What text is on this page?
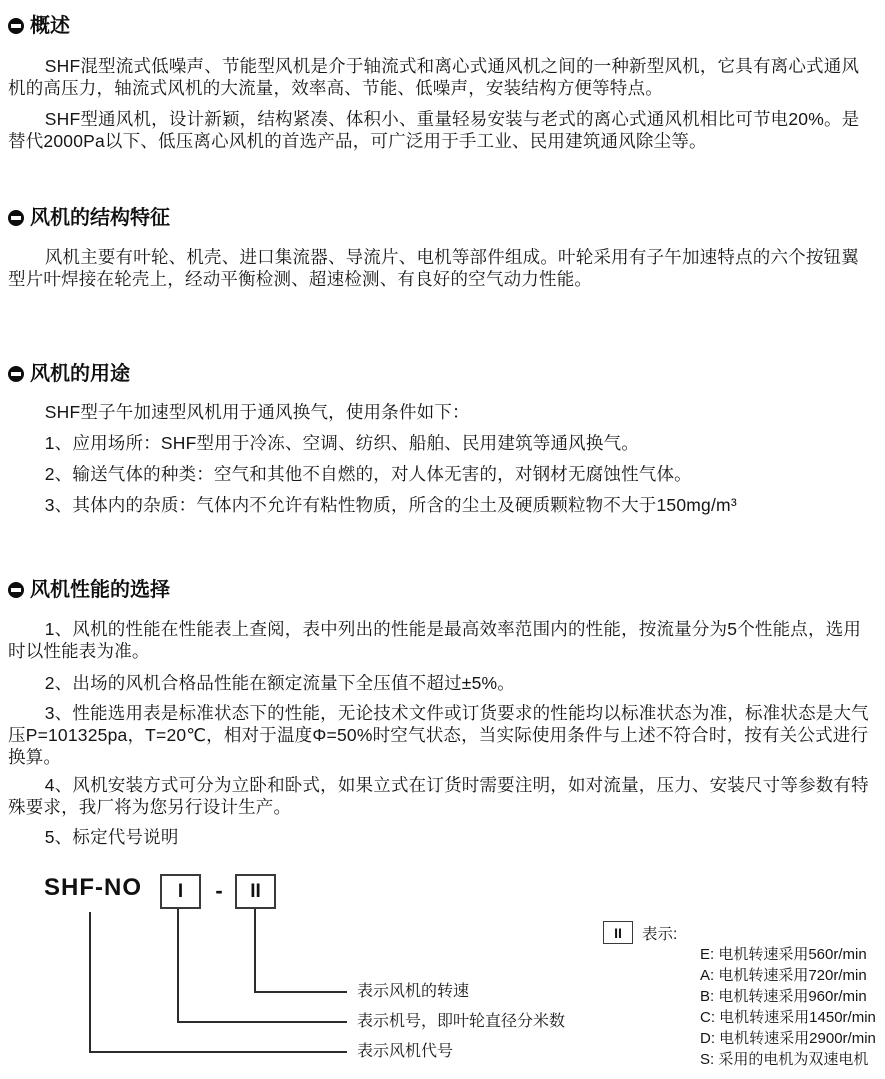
概述

SHF混型流式低噪声、节能型风机是介于轴流式和离心式通风机之间的一种新型风机，它具有离心式通风机的高压力，轴流式风机的大流量，效率高、节能、低噪声，安装结构方便等特点。

SHF型通风机，设计新颖，结构紧凑、体积小、重量轻易安装与老式的离心式通风机相比可节电20%。是替代2000Pa以下、低压离心风机的首选产品，可广泛用于手工业、民用建筑通风除尘等。

风机的结构特征

风机主要有叶轮、机壳、进口集流器、导流片、电机等部件组成。叶轮采用有子午加速特点的六个按钮翼型片叶焊接在轮壳上，经动平衡检测、超速检测、有良好的空气动力性能。

风机的用途

SHF型子午加速型风机用于通风换气，使用条件如下：

1、应用场所：SHF型用于冷冻、空调、纺织、船舶、民用建筑等通风换气。

2、输送气体的种类：空气和其他不自燃的，对人体无害的，对钢材无腐蚀性气体。

3、其体内的杂质：气体内不允许有粘性物质，所含的尘土及硬质颗粒物不大于150mg/m³

风机性能的选择

1、风机的性能在性能表上查阅，表中列出的性能是最高效率范围内的性能，按流量分为5个性能点，选用时以性能表为准。

2、出场的风机合格品性能在额定流量下全压值不超过±5%。

3、性能选用表是标准状态下的性能，无论技术文件或订货要求的性能均以标准状态为准，标准状态是大气压P=101325pa，T=20℃，相对于温度Φ=50%时空气状态，当实际使用条件与上述不符合时，按有关公式进行换算。

4、风机安装方式可分为立卧和卧式，如果立式在订货时需要注明，如对流量，压力、安装尺寸等参数有特殊要求，我厂将为您另行设计生产。

5、标定代号说明

SHF-NO	I	-	II
表示风机的转速
表示机号，即叶轮直径分米数
表示风机代号
II	表示:
E: 电机转速采用560r/min
A: 电机转速采用720r/min
B: 电机转速采用960r/min
C: 电机转速采用1450r/min
D: 电机转速采用2900r/min
S: 采用的电机为双速电机
